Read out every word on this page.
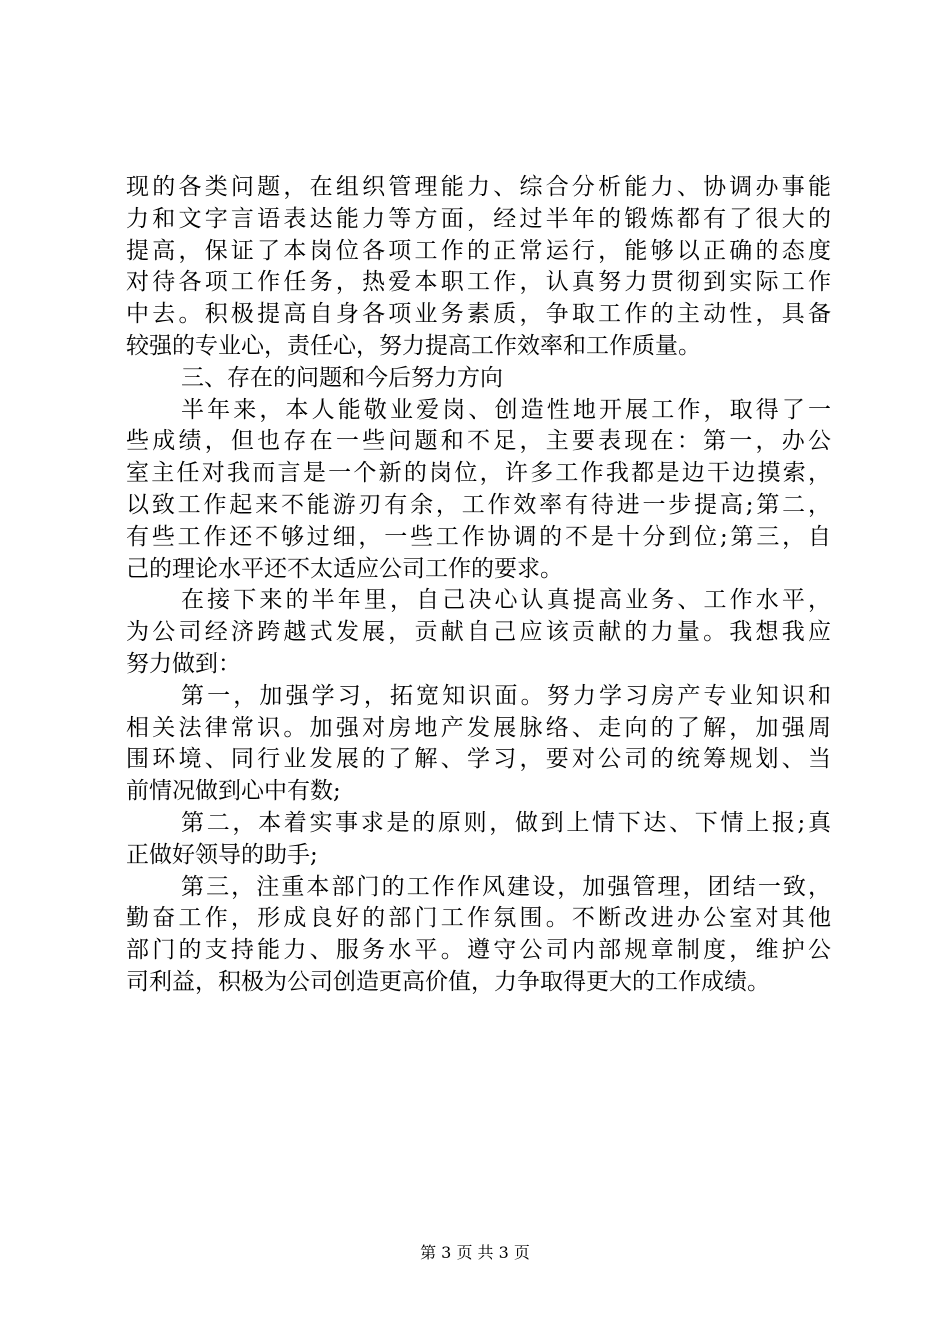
现的各类问题，在组织管理能力、综合分析能力、协调办事能
力和文字言语表达能力等方面，经过半年的锻炼都有了很大的
提高，保证了本岗位各项工作的正常运行，能够以正确的态度
对待各项工作任务，热爱本职工作，认真努力贯彻到实际工作
中去。积极提高自身各项业务素质，争取工作的主动性，具备
较强的专业心，责任心，努力提高工作效率和工作质量。
三、存在的问题和今后努力方向
半年来，本人能敬业爱岗、创造性地开展工作，取得了一
些成绩，但也存在一些问题和不足，主要表现在：第一，办公
室主任对我而言是一个新的岗位，许多工作我都是边干边摸索，
以致工作起来不能游刃有余，工作效率有待进一步提高;第二，
有些工作还不够过细，一些工作协调的不是十分到位;第三，自
己的理论水平还不太适应公司工作的要求。
在接下来的半年里，自己决心认真提高业务、工作水平，
为公司经济跨越式发展，贡献自己应该贡献的力量。我想我应
努力做到：
第一，加强学习，拓宽知识面。努力学习房产专业知识和
相关法律常识。加强对房地产发展脉络、走向的了解，加强周
围环境、同行业发展的了解、学习，要对公司的统筹规划、当
前情况做到心中有数;
第二，本着实事求是的原则，做到上情下达、下情上报;真
正做好领导的助手;
第三，注重本部门的工作作风建设，加强管理，团结一致，
勤奋工作，形成良好的部门工作氛围。不断改进办公室对其他
部门的支持能力、服务水平。遵守公司内部规章制度，维护公
司利益，积极为公司创造更高价值，力争取得更大的工作成绩。
第 3 页 共 3 页
